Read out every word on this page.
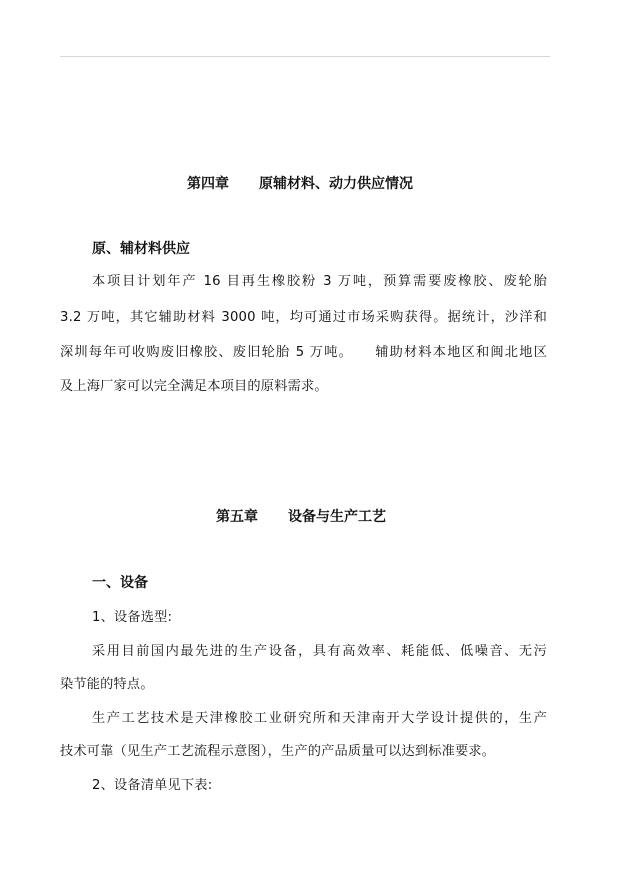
第四章 原辅材料、动力供应情况
原、辅材料供应
本项目计划年产 16 目再生橡胶粉 3 万吨，预算需要废橡胶、废轮胎
3.2 万吨，其它辅助材料 3000 吨，均可通过市场采购获得。据统计，沙洋和
深圳每年可收购废旧橡胶、废旧轮胎 5 万吨。　　辅助材料本地区和闽北地区
及上海厂家可以完全满足本项目的原料需求。
第五章 设备与生产工艺
一、设备
1、设备选型:
采用目前国内最先进的生产设备，具有高效率、耗能低、低噪音、无污
染节能的特点。
生产工艺技术是天津橡胶工业研究所和天津南开大学设计提供的，生产
技术可靠（见生产工艺流程示意图），生产的产品质量可以达到标准要求。
2、设备清单见下表:
